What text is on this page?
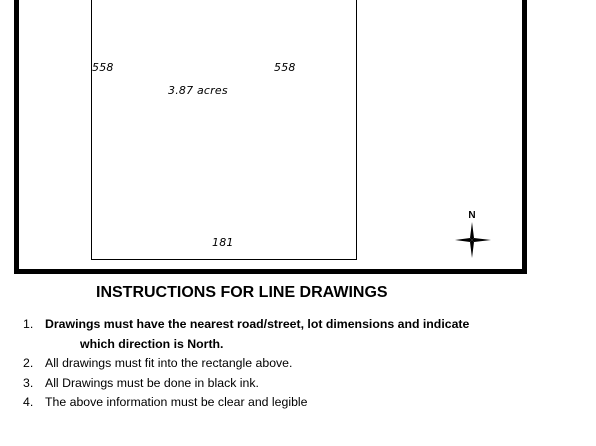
558	558
3.87 acres
181
N
INSTRUCTIONS FOR LINE DRAWINGS
1. Drawings must have the nearest road/street, lot dimensions and indicate
which direction is North.
2. All drawings must fit into the rectangle above.
3. All Drawings must be done in black ink.
4. The above information must be clear and legible
